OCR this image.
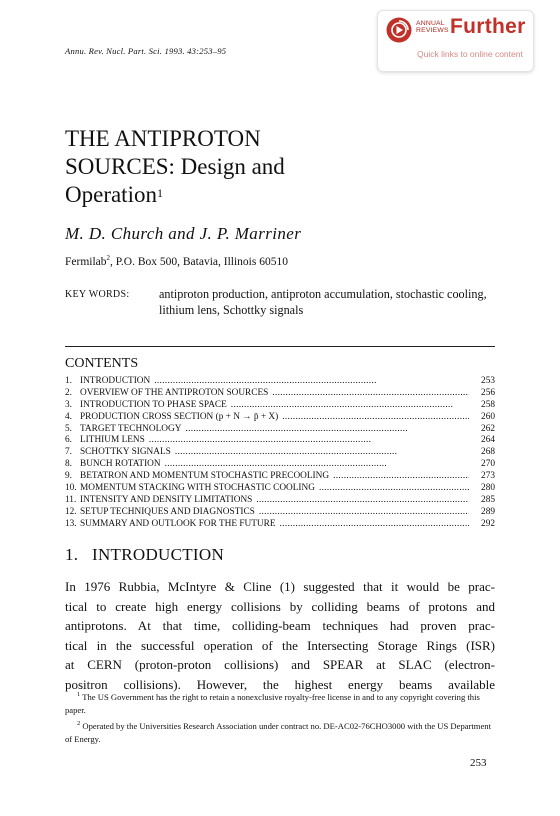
Annu. Rev. Nucl. Part. Sci. 1993. 43:253–95
ANNUAL
REVIEWS Further
Quick links to online content
THE ANTIPROTON
SOURCES: Design and
Operation$^1$
M. D. Church and J. P. Marriner
Fermilab$^2$, P.O. Box 500, Batavia, Illinois 60510
KEY WORDS: antiproton production, antiproton accumulation, stochastic cooling, lithium lens, Schottky signals
CONTENTS
1. INTRODUCTION . . .	253
2. OVERVIEW OF THE ANTIPROTON SOURCES . . .	256
3. INTRODUCTION TO PHASE SPACE . . .	258
4. PRODUCTION CROSS SECTION (p + N → p̄ + X) . . .	260
5. TARGET TECHNOLOGY . . .	262
6. LITHIUM LENS . . .	264
7. SCHOTTKY SIGNALS . . .	268
8. BUNCH ROTATION . . .	270
9. BETATRON AND MOMENTUM STOCHASTIC PRECOOLING . . .	273
10. MOMENTUM STACKING WITH STOCHASTIC COOLING . . .	280
11. INTENSITY AND DENSITY LIMITATIONS . . .	285
12. SETUP TECHNIQUES AND DIAGNOSTICS . . .	289
13. SUMMARY AND OUTLOOK FOR THE FUTURE . . .	292
1. INTRODUCTION
In 1976 Rubbia, McIntyre & Cline (1) suggested that it would be prac-
tical to create high energy collisions by colliding beams of protons and
antiprotons. At that time, colliding-beam techniques had proven prac-
tical in the successful operation of the Intersecting Storage Rings (ISR)
at CERN (proton-proton collisions) and SPEAR at SLAC (electron-
positron collisions). However, the highest energy beams available
$^1$ The US Government has the right to retain a nonexclusive royalty-free license in and to any copyright covering this paper.
$^2$ Operated by the Universities Research Association under contract no. DE-AC02-76CHO3000 with the US Department of Energy.
253
